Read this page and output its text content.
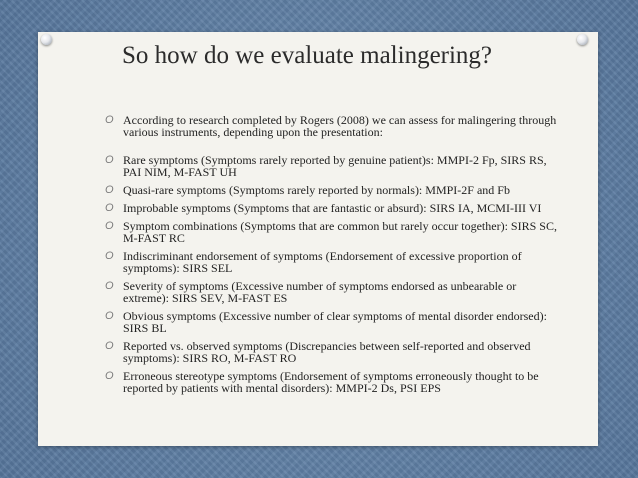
So how do we evaluate malingering?
O According to research completed by Rogers (2008) we can assess for malingering through various instruments, depending upon the presentation:
O Rare symptoms (Symptoms rarely reported by genuine patient)s: MMPI-2 Fp, SIRS RS, PAI NIM, M-FAST UH
O Quasi-rare symptoms (Symptoms rarely reported by normals): MMPI-2F and Fb
O Improbable symptoms (Symptoms that are fantastic or absurd): SIRS IA, MCMI-III VI
O Symptom combinations (Symptoms that are common but rarely occur together): SIRS SC, M-FAST RC
O Indiscriminant endorsement of symptoms (Endorsement of excessive proportion of symptoms): SIRS SEL
O Severity of symptoms (Excessive number of symptoms endorsed as unbearable or extreme): SIRS SEV, M-FAST ES
O Obvious symptoms (Excessive number of clear symptoms of mental disorder endorsed): SIRS BL
O Reported vs. observed symptoms (Discrepancies between self-reported and observed symptoms): SIRS RO, M-FAST RO
O Erroneous stereotype symptoms (Endorsement of symptoms erroneously thought to be reported by patients with mental disorders): MMPI-2 Ds, PSI EPS
